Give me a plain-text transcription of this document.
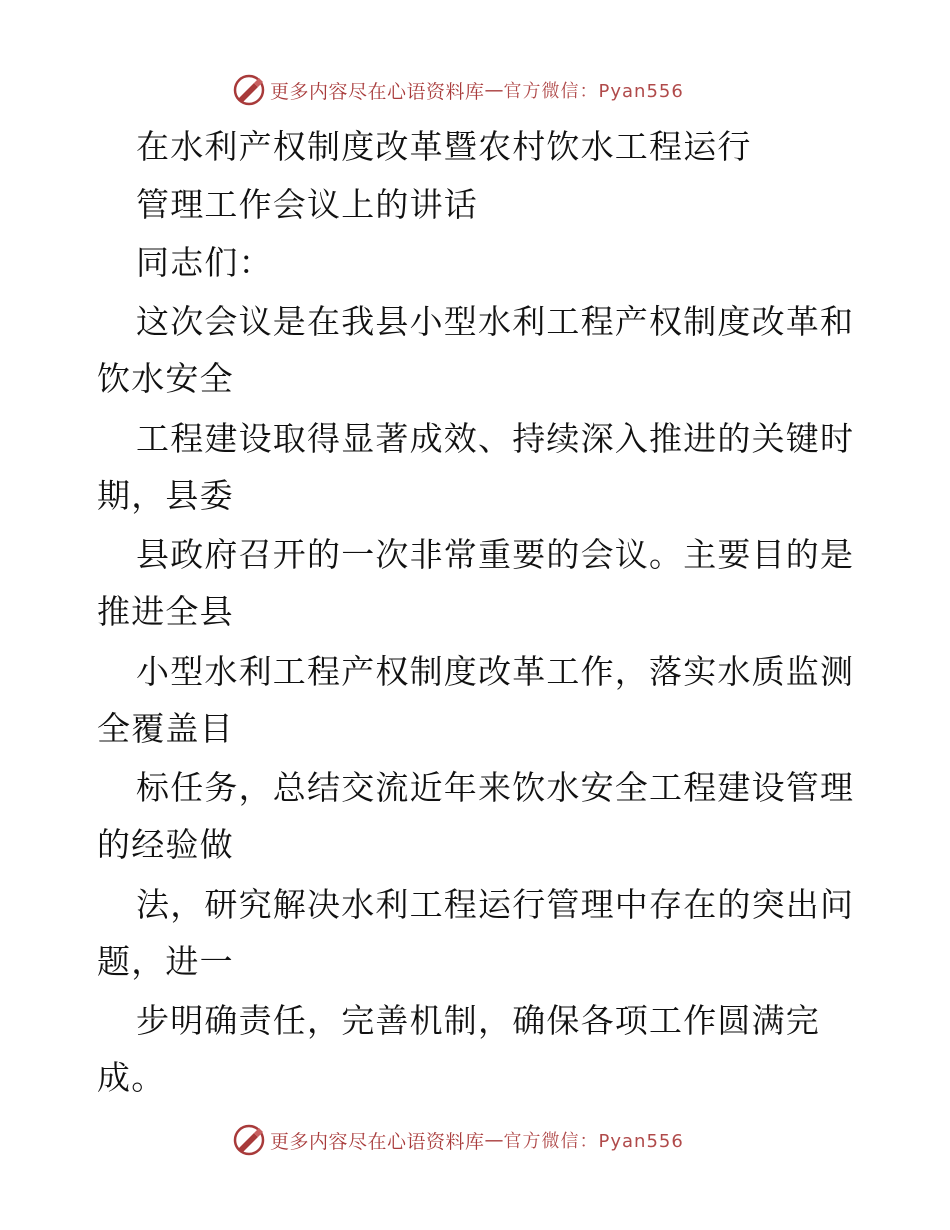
更多内容尽在心语资料库 — 官方微信：Pyan556
在水利产权制度改革暨农村饮水工程运行
管理工作会议上的讲话
同志们：
这次会议是在我县小型水利工程产权制度改革和
饮水安全
工程建设取得显著成效、持续深入推进的关键时
期，县委
县政府召开的一次非常重要的会议。主要目的是
推进全县
小型水利工程产权制度改革工作，落实水质监测
全覆盖目
标任务，总结交流近年来饮水安全工程建设管理
的经验做
法，研究解决水利工程运行管理中存在的突出问
题，进一
步明确责任，完善机制，确保各项工作圆满完
成。
更多内容尽在心语资料库 — 官方微信：Pyan556
